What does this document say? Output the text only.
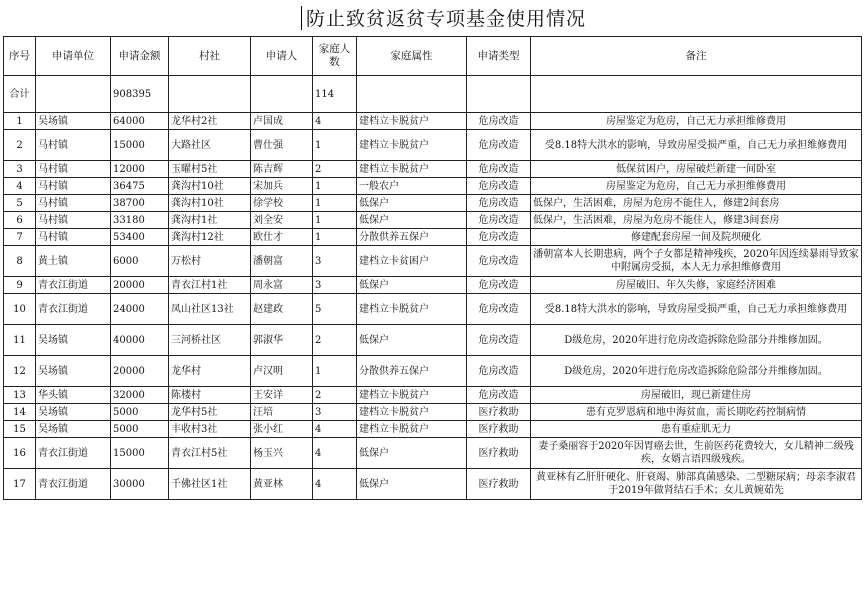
防止致贫返贫专项基金使用情况
序号	申请单位	申请金额	村社	申请人	家庭人数	家庭属性	申请类型	备注
合计		908395			114			
1	吴场镇	64000	龙华村2社	卢国成	4	建档立卡脱贫户	危房改造	房屋鉴定为危房，自己无力承担维修费用
2	马村镇	15000	大路社区	曹仕强	1	建档立卡脱贫户	危房改造	受8.18特大洪水的影响，导致房屋受损严重，自己无力承担维修费用
3	马村镇	12000	玉曜村5社	陈吉辉	2	建档立卡脱贫户	危房改造	低保贫困户，房屋破烂新建一间卧室
4	马村镇	36475	龚沟村10社	宋加兵	1	一般农户	危房改造	房屋鉴定为危房，自己无力承担维修费用
5	马村镇	38700	龚沟村10社	徐学校	1	低保户	危房改造	低保户，生活困难，房屋为危房不能住人，修建2间套房
6	马村镇	33180	龚沟村1社	刘全安	1	低保户	危房改造	低保户，生活困难，房屋为危房不能住人，修建3间套房
7	马村镇	53400	龚沟村12社	欧仕才	1	分散供养五保户	危房改造	修建配套房屋一间及院坝硬化
8	黄土镇	6000	万松村	潘朝富	3	建档立卡贫困户	危房改造	潘朝富本人长期患病，两个子女都是精神残疾，2020年因连续暴雨导致家中附属房受损，本人无力承担维修费用
9	青衣江街道	20000	青衣江村1社	周永富	3	低保户	危房改造	房屋破旧、年久失修，家庭经济困难
10	青衣江街道	24000	凤山社区13社	赵建政	5	建档立卡脱贫户	危房改造	受8.18特大洪水的影响，导致房屋受损严重，自己无力承担维修费用
11	吴场镇	40000	三河桥社区	郭淑华	2	低保户	危房改造	D级危房，2020年进行危房改造拆除危险部分并维修加固。
12	吴场镇	20000	龙华村	卢汉明	1	分散供养五保户	危房改造	D级危房，2020年进行危房改造拆除危险部分并维修加固。
13	华头镇	32000	陈楼村	王安详	2	建档立卡脱贫户	危房改造	房屋破旧，现已新建住房
14	吴场镇	5000	龙华村5社	汪培	3	建档立卡脱贫户	医疗救助	患有克罗恩病和地中海贫血，需长期吃药控制病情
15	吴场镇	5000	丰收村3社	张小红	4	建档立卡脱贫户	医疗救助	患有重症肌无力
16	青衣江街道	15000	青衣江村5社	杨玉兴	4	低保户	医疗救助	妻子桑丽容于2020年因胃癌去世，生前医药花费较大，女儿精神二级残疾，女婿言语四级残疾。
17	青衣江街道	30000	千佛社区1社	黄亚林	4	低保户	医疗救助	黄亚林有乙肝肝硬化、肝衰竭、肺部真菌感染、二型糖尿病；母亲李淑君于2019年做肾结石手术；女儿黄婉茹先
